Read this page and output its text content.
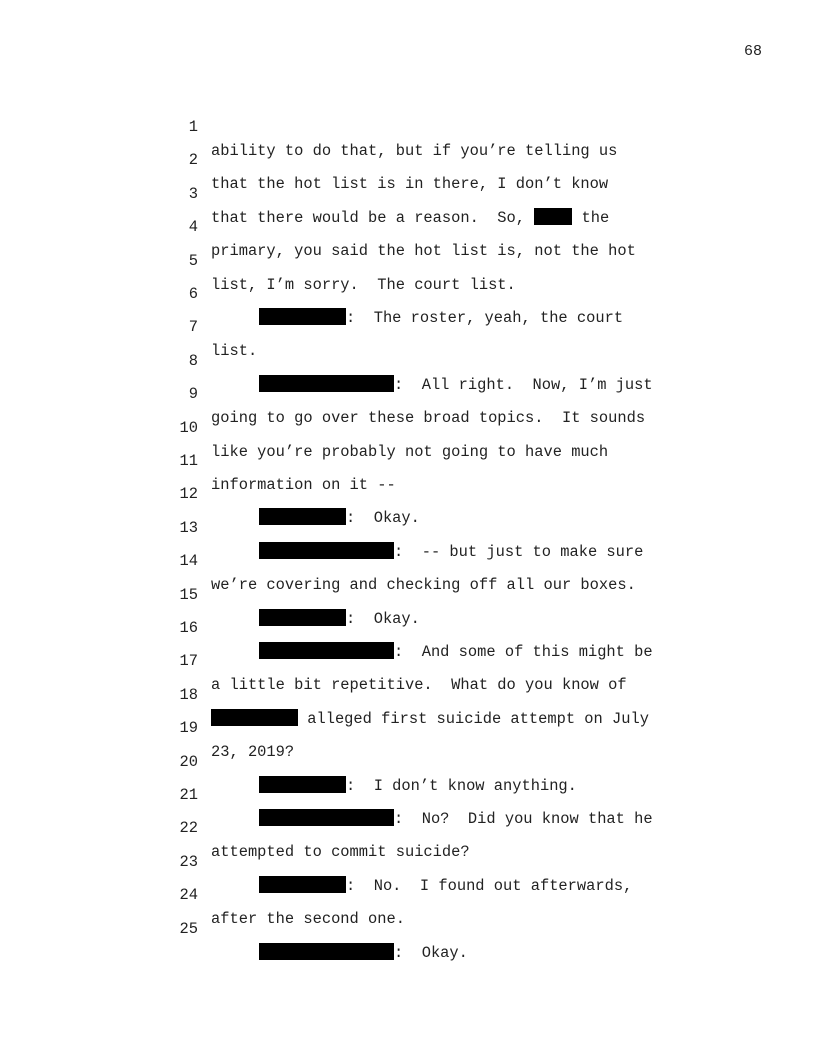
68

1

ability to do that, but if you’re telling us

2

that the hot list is in there, I don’t know

3

that there would be a reason.  So,  the

4

primary, you said the hot list is, not the hot

5

list, I’m sorry.  The court list.

6

:  The roster, yeah, the court

7

list.

8

:  All right.  Now, I’m just

9

going to go over these broad topics.  It sounds

10

like you’re probably not going to have much

11

information on it --

12

:  Okay.

13

:  -- but just to make sure

14

we’re covering and checking off all our boxes.

15

:  Okay.

16

:  And some of this might be

17

a little bit repetitive.  What do you know of

18

alleged first suicide attempt on July

19

23, 2019?

20

:  I don’t know anything.

21

:  No?  Did you know that he

22

attempted to commit suicide?

23

:  No.  I found out afterwards,

24

after the second one.

25

:  Okay.
